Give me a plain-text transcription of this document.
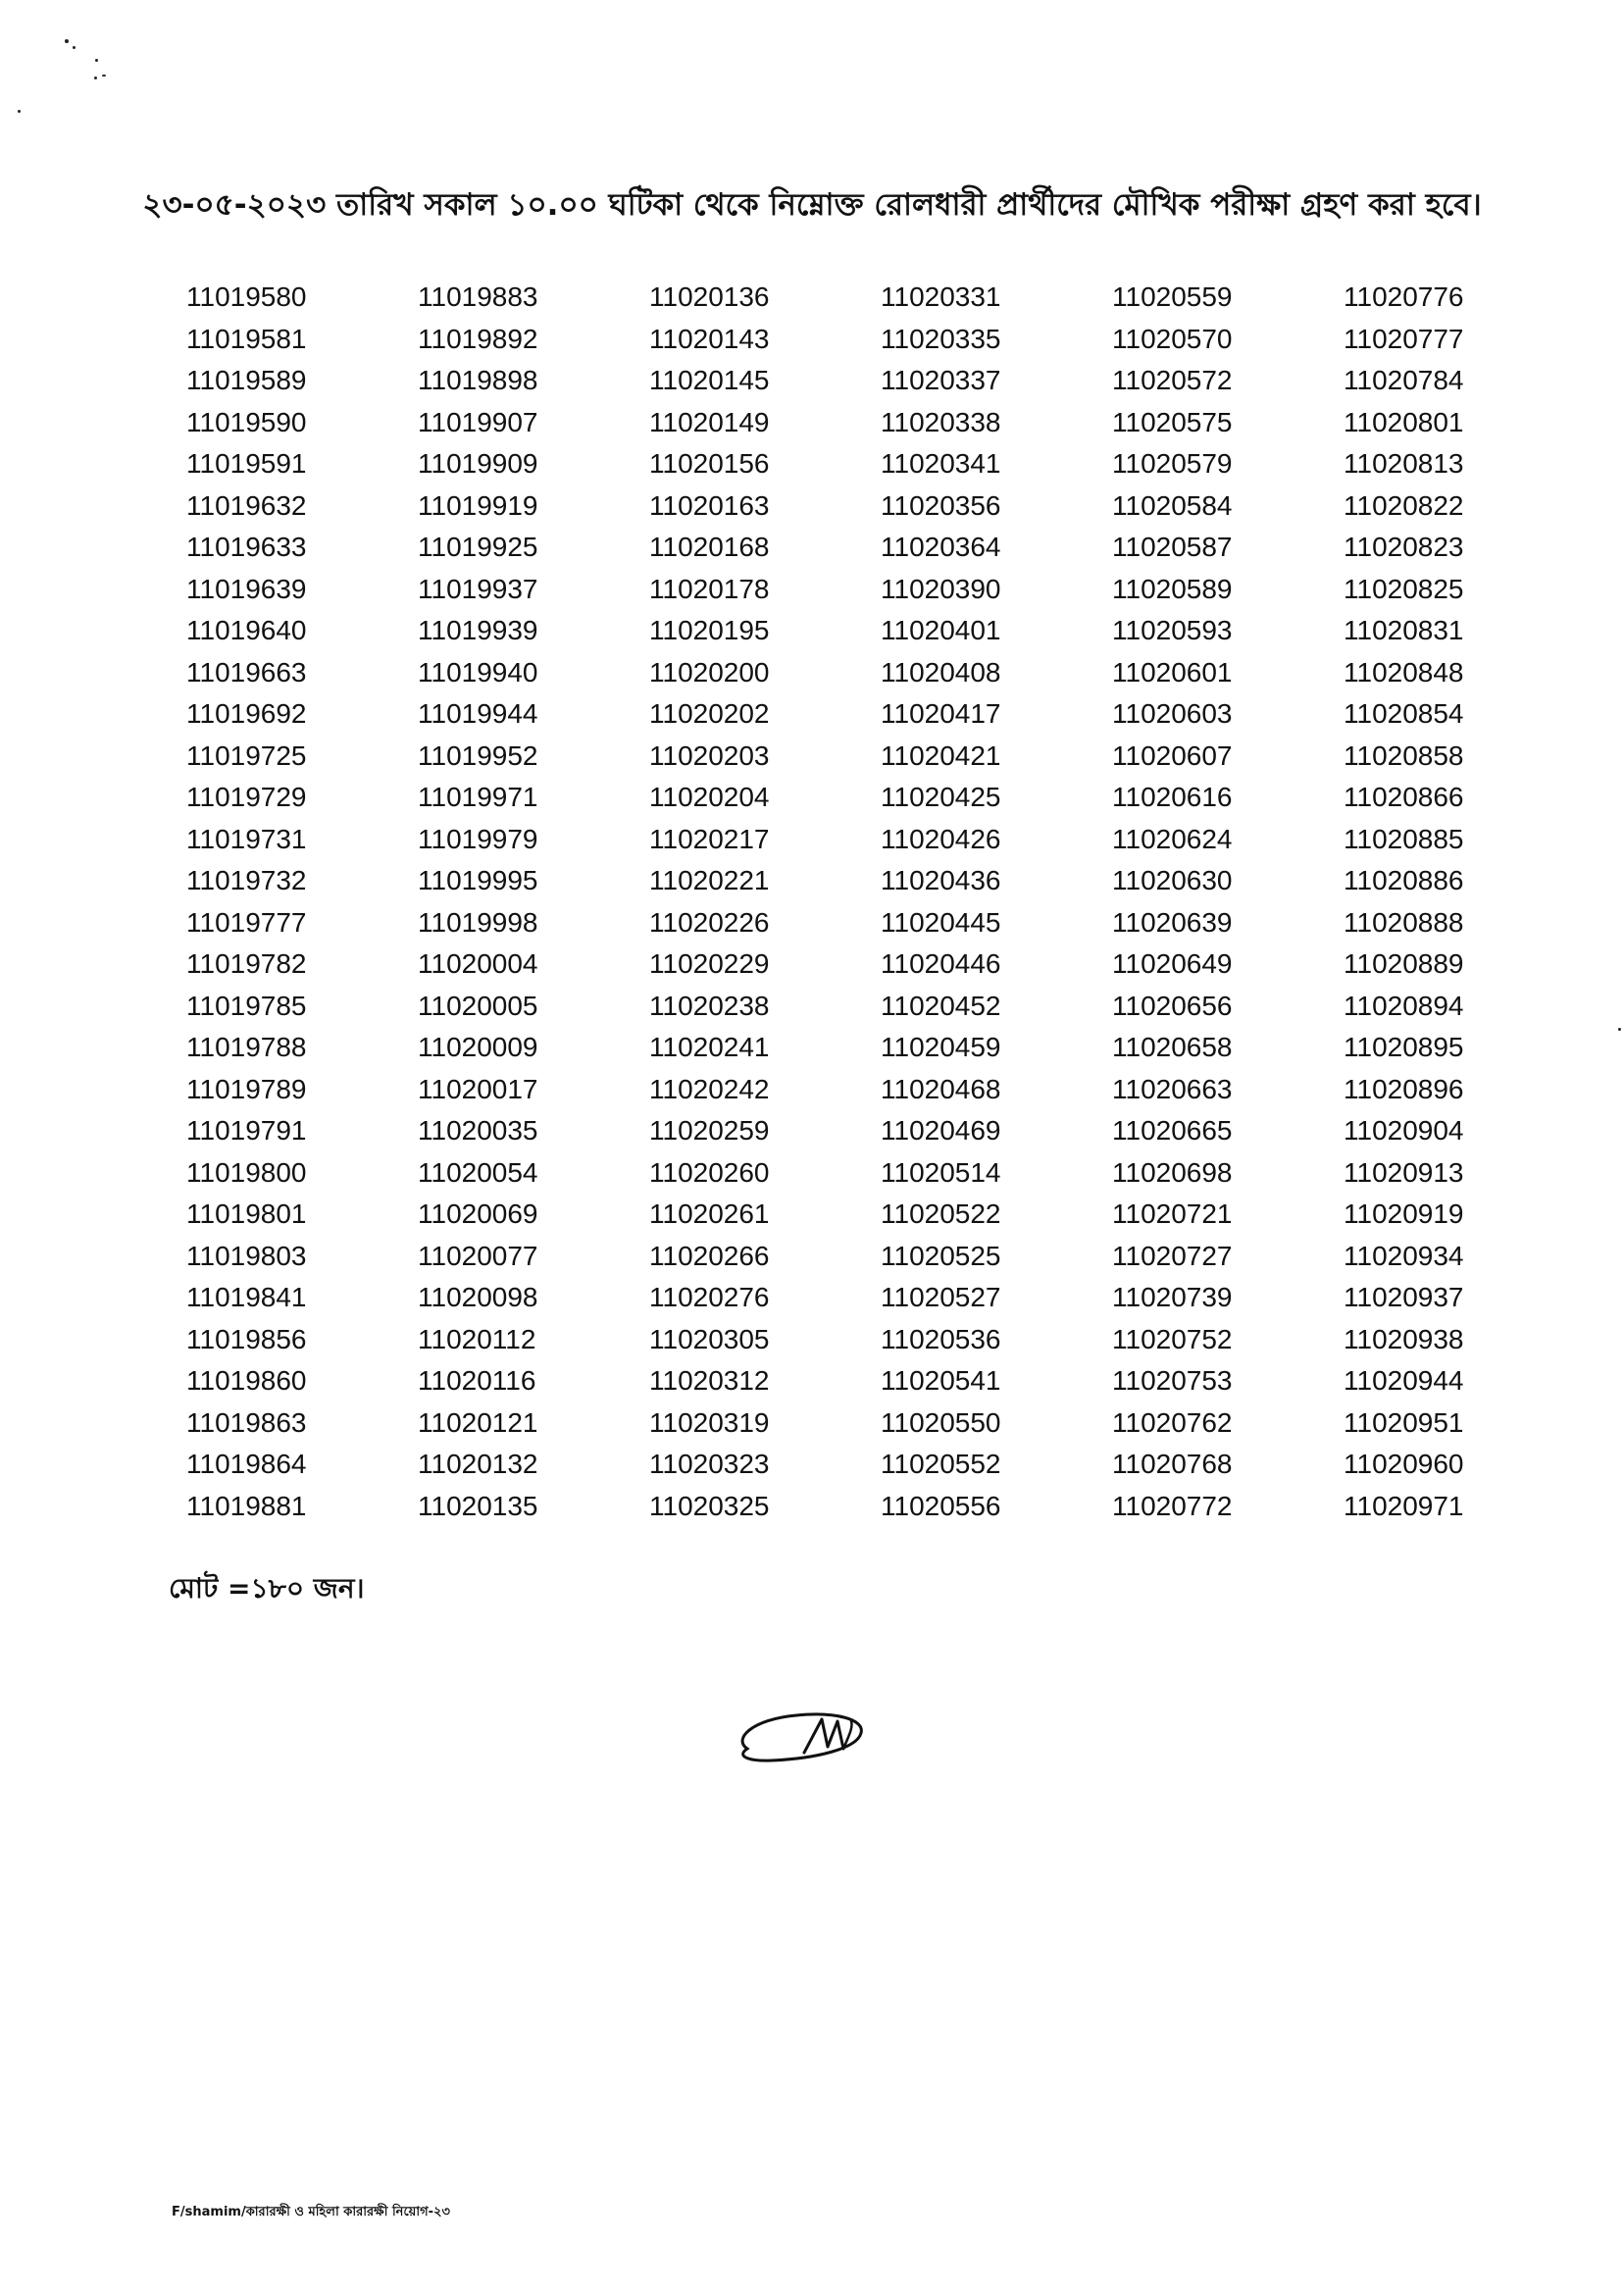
২৩-০৫-২০২৩ তারিখ সকাল ১০.০০ ঘটিকা থেকে নিম্নোক্ত রোলধারী প্রার্থীদের মৌখিক পরীক্ষা গ্রহণ করা হবে।
11019580
11019581
11019589
11019590
11019591
11019632
11019633
11019639
11019640
11019663
11019692
11019725
11019729
11019731
11019732
11019777
11019782
11019785
11019788
11019789
11019791
11019800
11019801
11019803
11019841
11019856
11019860
11019863
11019864
11019881
11019883
11019892
11019898
11019907
11019909
11019919
11019925
11019937
11019939
11019940
11019944
11019952
11019971
11019979
11019995
11019998
11020004
11020005
11020009
11020017
11020035
11020054
11020069
11020077
11020098
11020112
11020116
11020121
11020132
11020135
11020136
11020143
11020145
11020149
11020156
11020163
11020168
11020178
11020195
11020200
11020202
11020203
11020204
11020217
11020221
11020226
11020229
11020238
11020241
11020242
11020259
11020260
11020261
11020266
11020276
11020305
11020312
11020319
11020323
11020325
11020331
11020335
11020337
11020338
11020341
11020356
11020364
11020390
11020401
11020408
11020417
11020421
11020425
11020426
11020436
11020445
11020446
11020452
11020459
11020468
11020469
11020514
11020522
11020525
11020527
11020536
11020541
11020550
11020552
11020556
11020559
11020570
11020572
11020575
11020579
11020584
11020587
11020589
11020593
11020601
11020603
11020607
11020616
11020624
11020630
11020639
11020649
11020656
11020658
11020663
11020665
11020698
11020721
11020727
11020739
11020752
11020753
11020762
11020768
11020772
11020776
11020777
11020784
11020801
11020813
11020822
11020823
11020825
11020831
11020848
11020854
11020858
11020866
11020885
11020886
11020888
11020889
11020894
11020895
11020896
11020904
11020913
11020919
11020934
11020937
11020938
11020944
11020951
11020960
11020971
মোট =১৮০ জন।
F/shamim/কারারক্ষী ও মহিলা কারারক্ষী নিয়োগ-২৩
